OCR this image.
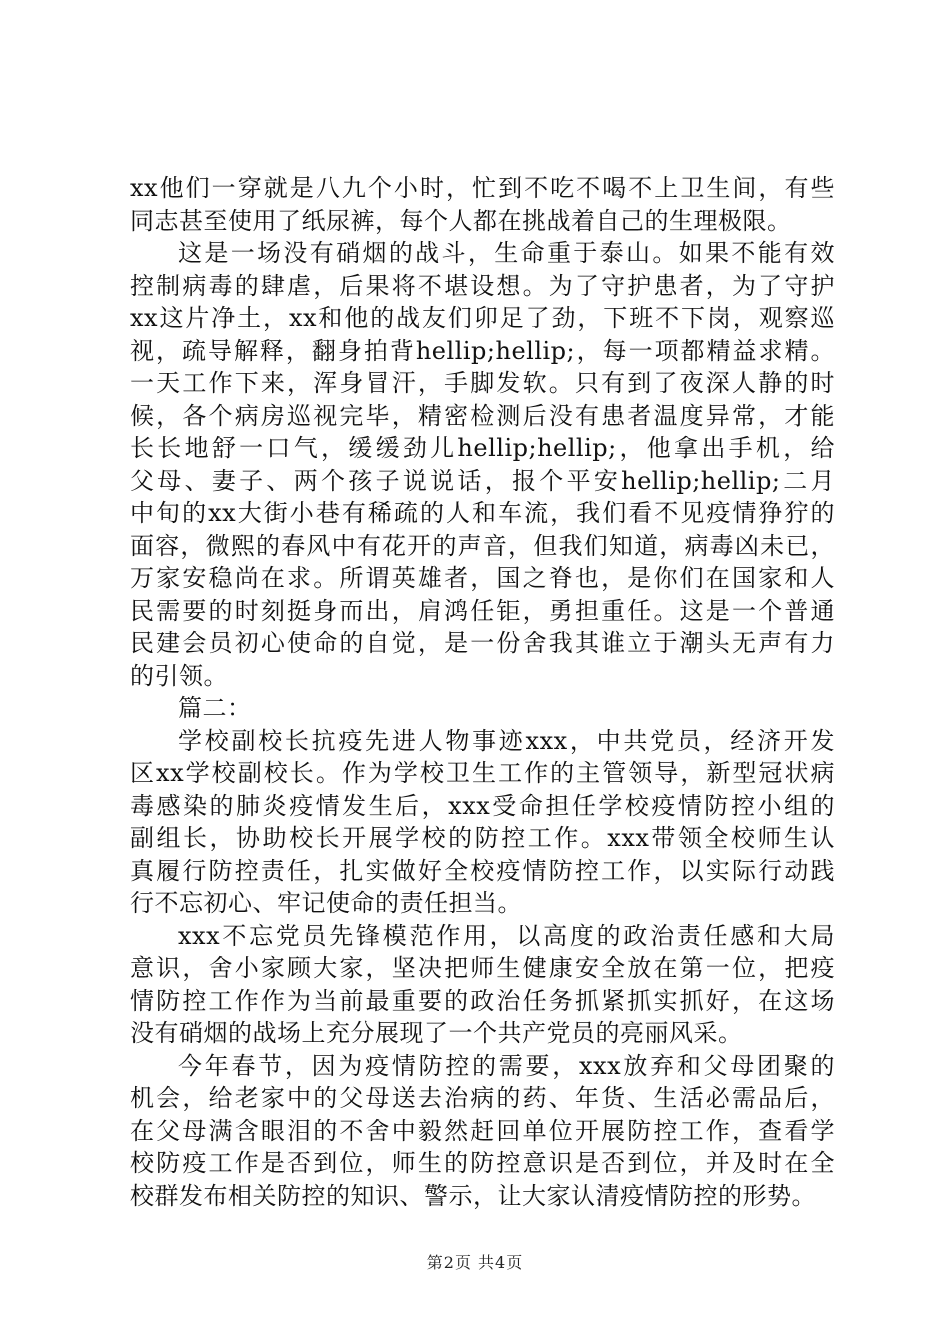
xx他们一穿就是八九个小时，忙到不吃不喝不上卫生间，有些
同志甚至使用了纸尿裤，每个人都在挑战着自己的生理极限。
这是一场没有硝烟的战斗，生命重于泰山。如果不能有效
控制病毒的肆虐，后果将不堪设想。为了守护患者，为了守护
xx这片净土，xx和他的战友们卯足了劲，下班不下岗，观察巡
视，疏导解释，翻身拍背hellip;hellip;，每一项都精益求精。
一天工作下来，浑身冒汗，手脚发软。只有到了夜深人静的时
候，各个病房巡视完毕，精密检测后没有患者温度异常，才能
长长地舒一口气，缓缓劲儿hellip;hellip;，他拿出手机，给
父母、妻子、两个孩子说说话，报个平安hellip;hellip;二月
中旬的xx大街小巷有稀疏的人和车流，我们看不见疫情狰狞的
面容，微熙的春风中有花开的声音，但我们知道，病毒凶未已，
万家安稳尚在求。所谓英雄者，国之脊也，是你们在国家和人
民需要的时刻挺身而出，肩鸿任钜，勇担重任。这是一个普通
民建会员初心使命的自觉，是一份舍我其谁立于潮头无声有力
的引领。
篇二：
学校副校长抗疫先进人物事迹xxx，中共党员，经济开发
区xx学校副校长。作为学校卫生工作的主管领导，新型冠状病
毒感染的肺炎疫情发生后，xxx受命担任学校疫情防控小组的
副组长，协助校长开展学校的防控工作。xxx带领全校师生认
真履行防控责任，扎实做好全校疫情防控工作，以实际行动践
行不忘初心、牢记使命的责任担当。
xxx不忘党员先锋模范作用，以高度的政治责任感和大局
意识，舍小家顾大家，坚决把师生健康安全放在第一位，把疫
情防控工作作为当前最重要的政治任务抓紧抓实抓好，在这场
没有硝烟的战场上充分展现了一个共产党员的亮丽风采。
今年春节，因为疫情防控的需要，xxx放弃和父母团聚的
机会，给老家中的父母送去治病的药、年货、生活必需品后，
在父母满含眼泪的不舍中毅然赶回单位开展防控工作，查看学
校防疫工作是否到位，师生的防控意识是否到位，并及时在全
校群发布相关防控的知识、警示，让大家认清疫情防控的形势。
第2页 共4页
